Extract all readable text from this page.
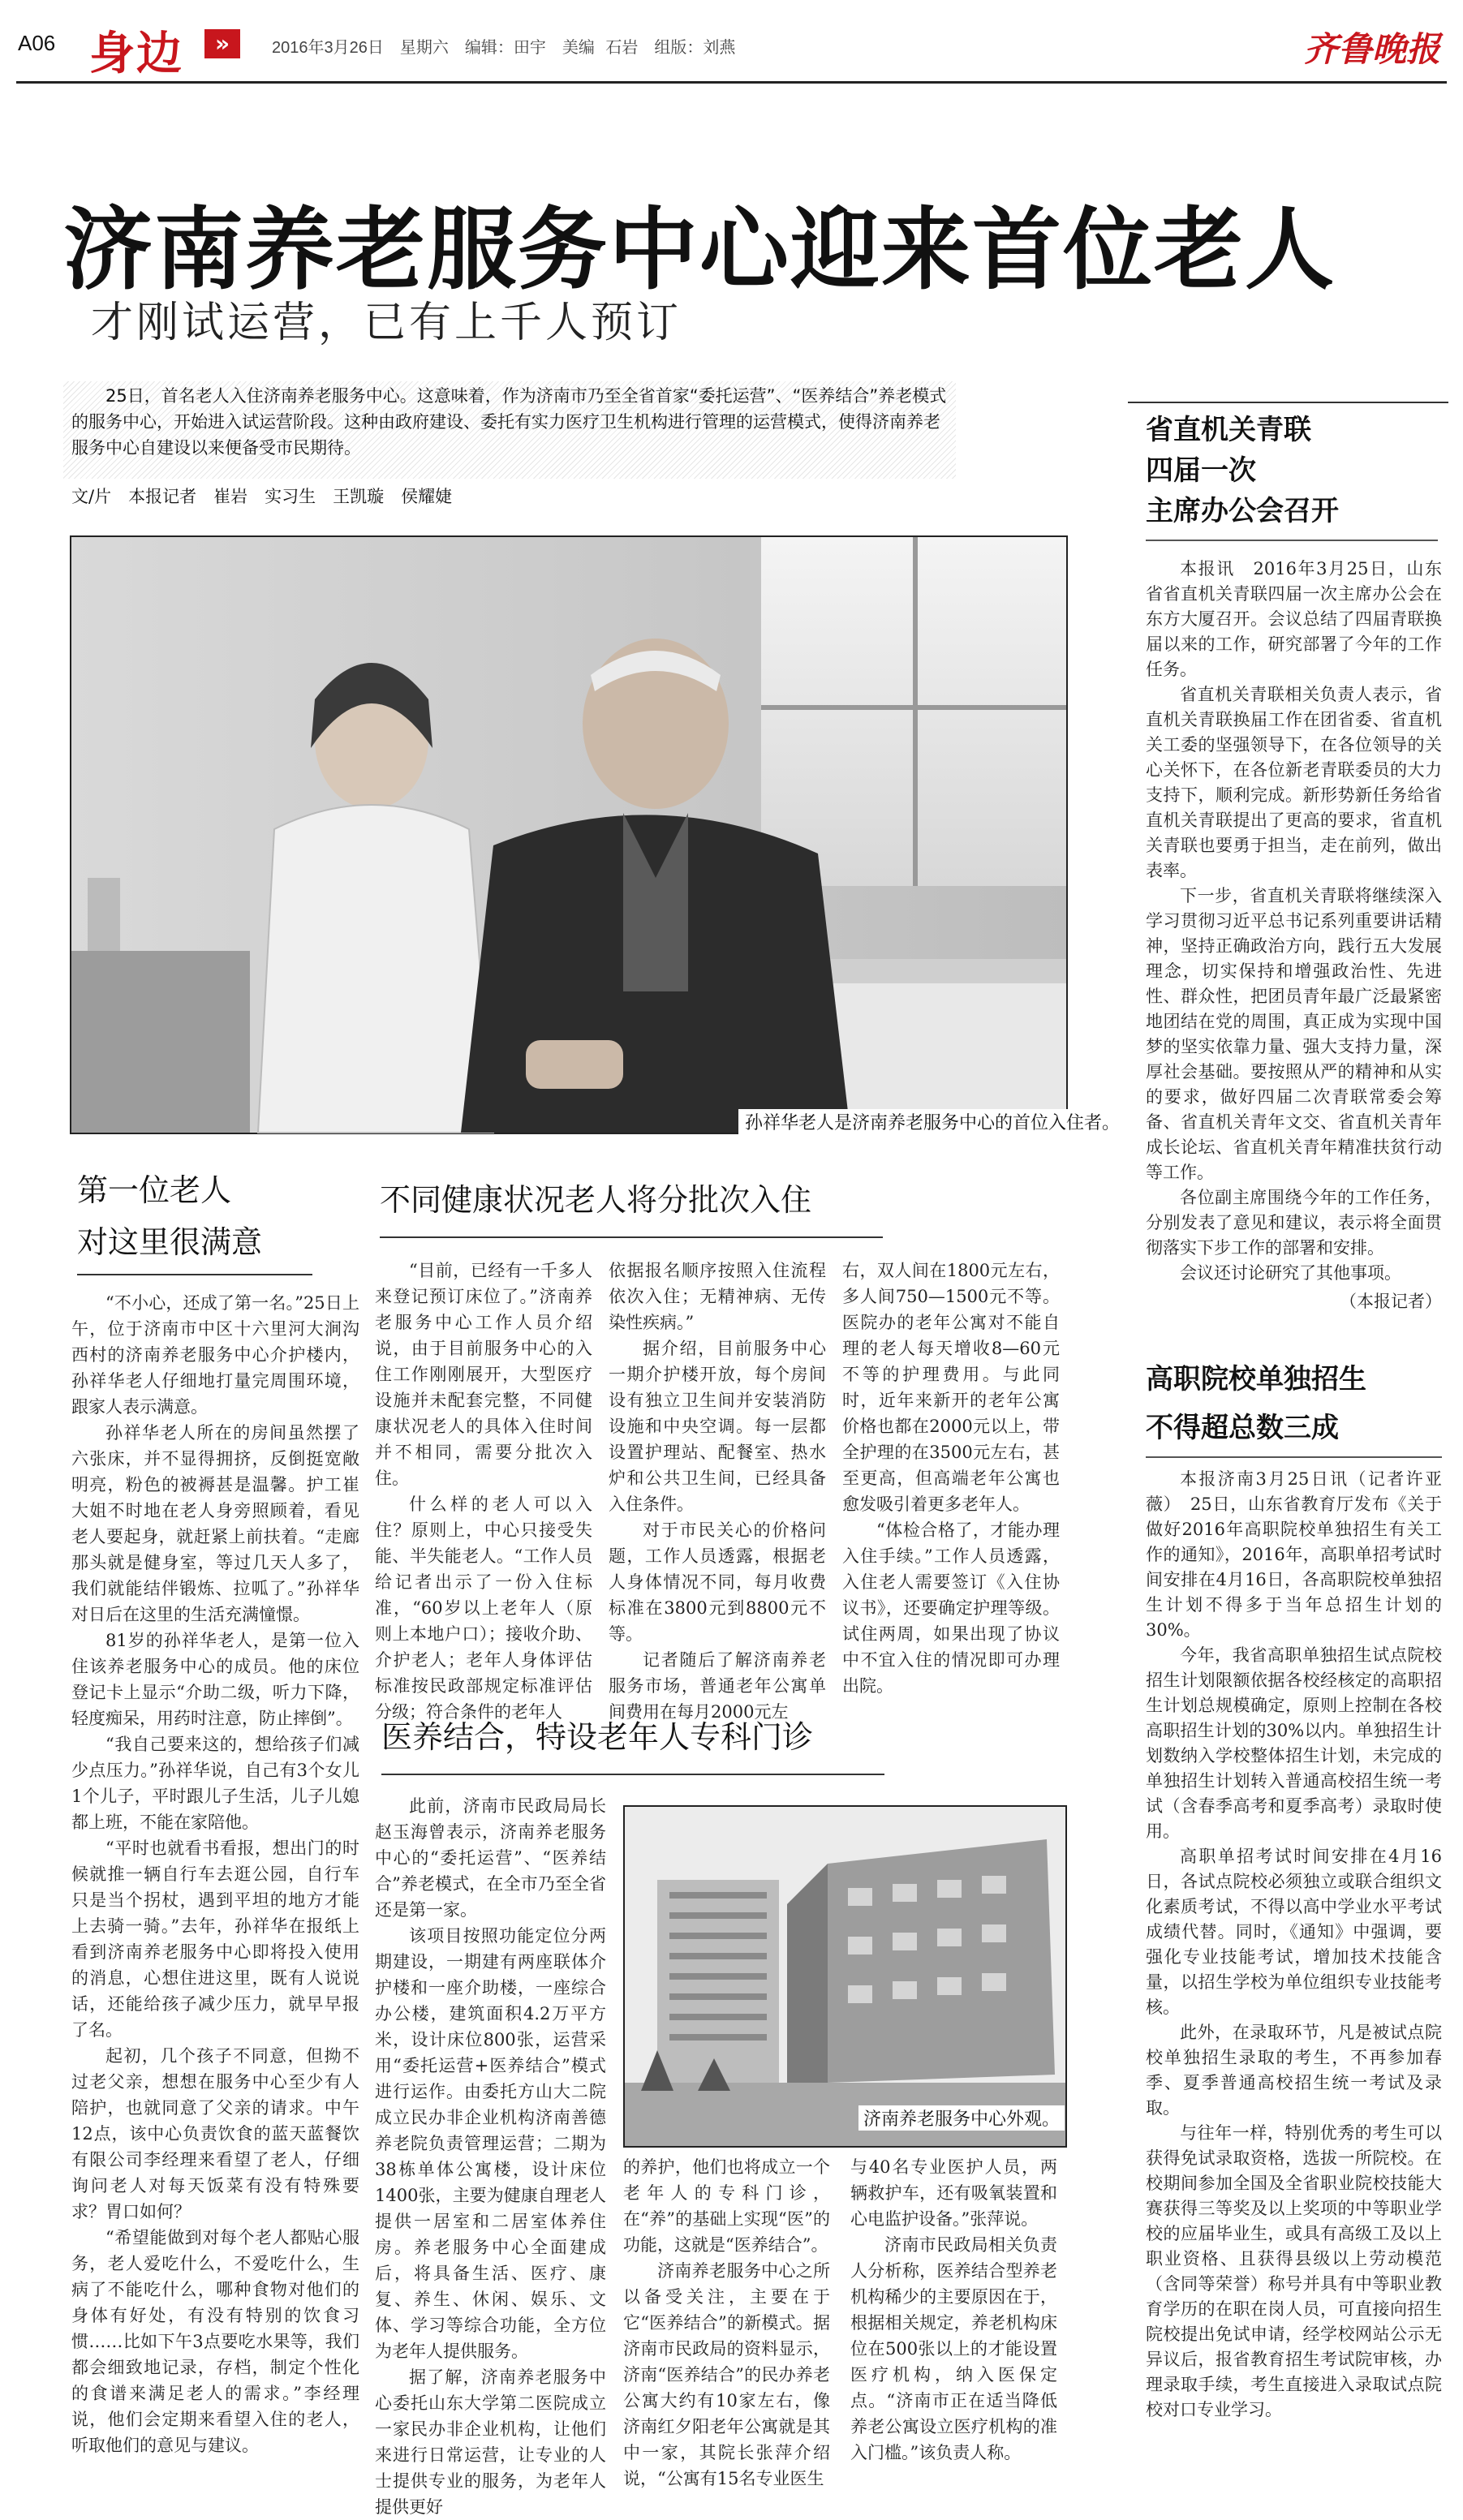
A06 身边	»	2016年3月26日　星期六　编辑：田宇　美编 石岩　组版：刘燕	齐鲁晚报
济南养老服务中心迎来首位老人
才刚试运营，已有上千人预订
25日，首名老人入住济南养老服务中心。这意味着，作为济南市乃至全省首家“委托运营”、“医养结合”养老模式的服务中心，开始进入试运营阶段。这种由政府建设、委托有实力医疗卫生机构进行管理的运营模式，使得济南养老服务中心自建设以来便备受市民期待。
文/片　本报记者　崔岩　实习生　王凯璇　侯耀婕
孙祥华老人是济南养老服务中心的首位入住者。
第一位老人
对这里很满意

“不小心，还成了第一名。”25日上午，位于济南市中区十六里河大涧沟西村的济南养老服务中心介护楼内，孙祥华老人仔细地打量完周围环境，跟家人表示满意。

孙祥华老人所在的房间虽然摆了六张床，并不显得拥挤，反倒挺宽敞明亮，粉色的被褥甚是温馨。护工崔大姐不时地在老人身旁照顾着，看见老人要起身，就赶紧上前扶着。“走廊那头就是健身室，等过几天人多了，我们就能结伴锻炼、拉呱了。”孙祥华对日后在这里的生活充满憧憬。

81岁的孙祥华老人，是第一位入住该养老服务中心的成员。他的床位登记卡上显示“介助二级，听力下降，轻度痴呆，用药时注意，防止摔倒”。

“我自己要来这的，想给孩子们减少点压力。”孙祥华说，自己有3个女儿1个儿子，平时跟儿子生活，儿子儿媳都上班，不能在家陪他。

“平时也就看书看报，想出门的时候就推一辆自行车去逛公园，自行车只是当个拐杖，遇到平坦的地方才能上去骑一骑。”去年，孙祥华在报纸上看到济南养老服务中心即将投入使用的消息，心想住进这里，既有人说说话，还能给孩子减少压力，就早早报了名。

起初，几个孩子不同意，但拗不过老父亲，想想在服务中心至少有人陪护，也就同意了父亲的请求。中午12点，该中心负责饮食的蓝天蓝餐饮有限公司李经理来看望了老人，仔细询问老人对每天饭菜有没有特殊要求？胃口如何？

“希望能做到对每个老人都贴心服务，老人爱吃什么，不爱吃什么，生病了不能吃什么，哪种食物对他们的身体有好处，有没有特别的饮食习惯……比如下午3点要吃水果等，我们都会细致地记录，存档，制定个性化的食谱来满足老人的需求。”李经理说，他们会定期来看望入住的老人，听取他们的意见与建议。

不同健康状况老人将分批次入住

“目前，已经有一千多人来登记预订床位了。”济南养老服务中心工作人员介绍说，由于目前服务中心的入住工作刚刚展开，大型医疗设施并未配套完整，不同健康状况老人的具体入住时间并不相同，需要分批次入住。

什么样的老人可以入住？原则上，中心只接受失能、半失能老人。“工作人员给记者出示了一份入住标准，“60岁以上老年人（原则上本地户口）；接收介助、介护老人；老年人身体评估标准按民政部规定标准评估分级；符合条件的老年人

依据报名顺序按照入住流程依次入住；无精神病、无传染性疾病。”

据介绍，目前服务中心一期介护楼开放，每个房间设有独立卫生间并安装消防设施和中央空调。每一层都设置护理站、配餐室、热水炉和公共卫生间，已经具备入住条件。

对于市民关心的价格问题，工作人员透露，根据老人身体情况不同，每月收费标准在3800元到8800元不等。

记者随后了解济南养老服务市场，普通老年公寓单间费用在每月2000元左

右，双人间在1800元左右，多人间750—1500元不等。医院办的老年公寓对不能自理的老人每天增收8—60元不等的护理费用。与此同时，近年来新开的老年公寓价格也都在2000元以上，带全护理的在3500元左右，甚至更高，但高端老年公寓也愈发吸引着更多老年人。

“体检合格了，才能办理入住手续。”工作人员透露，入住老人需要签订《入住协议书》，还要确定护理等级。试住两周，如果出现了协议中不宜入住的情况即可办理出院。

医养结合，特设老年人专科门诊

此前，济南市民政局局长赵玉海曾表示，济南养老服务中心的“委托运营”、“医养结合”养老模式，在全市乃至全省还是第一家。

该项目按照功能定位分两期建设，一期建有两座联体介护楼和一座介助楼，一座综合办公楼，建筑面积4.2万平方米，设计床位800张，运营采用“委托运营+医养结合”模式进行运作。由委托方山大二院成立民办非企业机构济南善德养老院负责管理运营；二期为38栋单体公寓楼，设计床位1400张，主要为健康自理老人提供一居室和二居室体养住房。养老服务中心全面建成后，将具备生活、医疗、康复、养生、休闲、娱乐、文体、学习等综合功能，全方位为老年人提供服务。

据了解，济南养老服务中心委托山东大学第二医院成立一家民办非企业机构，让他们来进行日常运营，让专业的人士提供专业的服务，为老年人提供更好

济南养老服务中心外观。

的养护，他们也将成立一个老年人的专科门诊，在“养”的基础上实现“医”的功能，这就是“医养结合”。

济南养老服务中心之所以备受关注，主要在于它“医养结合”的新模式。据济南市民政局的资料显示，济南“医养结合”的民办养老公寓大约有10家左右，像济南红夕阳老年公寓就是其中一家，其院长张萍介绍说，“公寓有15名专业医生

与40名专业医护人员，两辆救护车，还有吸氧装置和心电监护设备。”张萍说。

济南市民政局相关负责人分析称，医养结合型养老机构稀少的主要原因在于，根据相关规定，养老机构床位在500张以上的才能设置医疗机构，纳入医保定点。“济南市正在适当降低养老公寓设立医疗机构的准入门槛。”该负责人称。

省直机关青联
四届一次
主席办公会召开

本报讯　2016年3月25日，山东省省直机关青联四届一次主席办公会在东方大厦召开。会议总结了四届青联换届以来的工作，研究部署了今年的工作任务。

省直机关青联相关负责人表示，省直机关青联换届工作在团省委、省直机关工委的坚强领导下，在各位领导的关心关怀下，在各位新老青联委员的大力支持下，顺利完成。新形势新任务给省直机关青联提出了更高的要求，省直机关青联也要勇于担当，走在前列，做出表率。

下一步，省直机关青联将继续深入学习贯彻习近平总书记系列重要讲话精神，坚持正确政治方向，践行五大发展理念，切实保持和增强政治性、先进性、群众性，把团员青年最广泛最紧密地团结在党的周围，真正成为实现中国梦的坚实依靠力量、强大支持力量，深厚社会基础。要按照从严的精神和从实的要求，做好四届二次青联常委会筹备、省直机关青年文交、省直机关青年成长论坛、省直机关青年精准扶贫行动等工作。

各位副主席围绕今年的工作任务，分别发表了意见和建议，表示将全面贯彻落实下步工作的部署和安排。

会议还讨论研究了其他事项。

（本报记者）

高职院校单独招生
不得超总数三成

本报济南3月25日讯（记者许亚薇）　25日，山东省教育厅发布《关于做好2016年高职院校单独招生有关工作的通知》，2016年，高职单招考试时间安排在4月16日，各高职院校单独招生计划不得多于当年总招生计划的30%。

今年，我省高职单独招生试点院校招生计划限额依据各校经核定的高职招生计划总规模确定，原则上控制在各校高职招生计划的30%以内。单独招生计划数纳入学校整体招生计划，未完成的单独招生计划转入普通高校招生统一考试（含春季高考和夏季高考）录取时使用。

高职单招考试时间安排在4月16日，各试点院校必须独立或联合组织文化素质考试，不得以高中学业水平考试成绩代替。同时，《通知》中强调，要强化专业技能考试，增加技术技能含量，以招生学校为单位组织专业技能考核。

此外，在录取环节，凡是被试点院校单独招生录取的考生，不再参加春季、夏季普通高校招生统一考试及录取。

与往年一样，特别优秀的考生可以获得免试录取资格，选拔一所院校。在校期间参加全国及全省职业院校技能大赛获得三等奖及以上奖项的中等职业学校的应届毕业生，或具有高级工及以上职业资格、且获得县级以上劳动模范（含同等荣誉）称号并具有中等职业教育学历的在职在岗人员，可直接向招生院校提出免试申请，经学校网站公示无异议后，报省教育招生考试院审核，办理录取手续，考生直接进入录取试点院校对口专业学习。
